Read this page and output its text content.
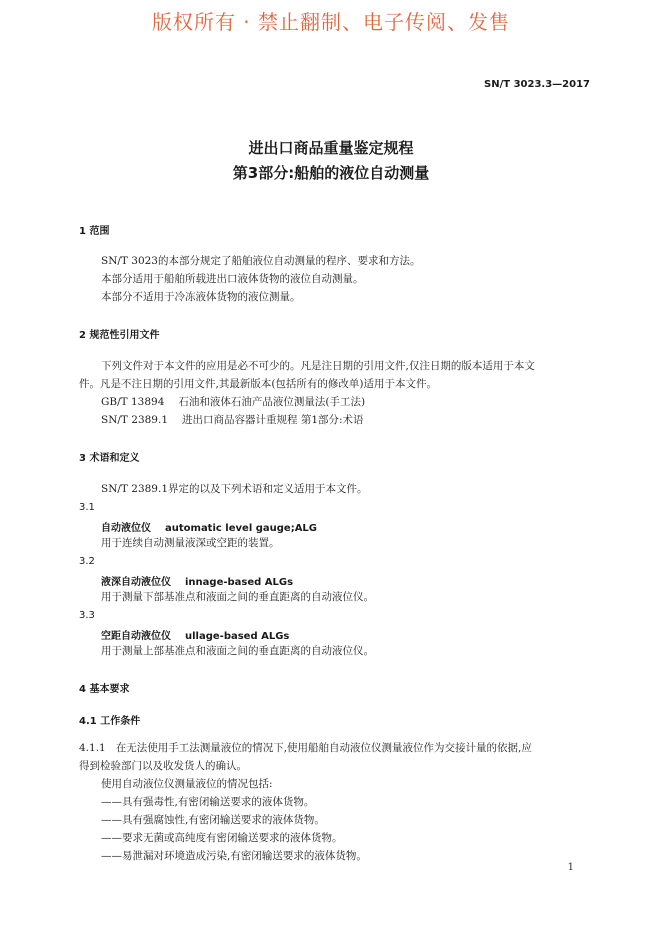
版权所有 · 禁止翻制、电子传阅、发售
SN/T 3023.3—2017
进出口商品重量鉴定规程
第3部分:船舶的液位自动测量
1 范围
SN/T 3023的本部分规定了船舶液位自动测量的程序、要求和方法。
本部分适用于船舶所载进出口液体货物的液位自动测量。
本部分不适用于冷冻液体货物的液位测量。
2 规范性引用文件
下列文件对于本文件的应用是必不可少的。凡是注日期的引用文件,仅注日期的版本适用于本文
件。凡是不注日期的引用文件,其最新版本(包括所有的修改单)适用于本文件。
GB/T 13894 石油和液体石油产品液位测量法(手工法)
SN/T 2389.1 进出口商品容器计重规程 第1部分:术语
3 术语和定义
SN/T 2389.1界定的以及下列术语和定义适用于本文件。
3.1
自动液位仪 automatic level gauge;ALG
用于连续自动测量液深或空距的装置。
3.2
液深自动液位仪 innage-based ALGs
用于测量下部基准点和液面之间的垂直距离的自动液位仪。
3.3
空距自动液位仪 ullage-based ALGs
用于测量上部基准点和液面之间的垂直距离的自动液位仪。
4 基本要求
4.1 工作条件
4.1.1 在无法使用手工法测量液位的情况下,使用船舶自动液位仪测量液位作为交接计量的依据,应
得到检验部门以及收发货人的确认。
使用自动液位仪测量液位的情况包括:
——具有强毒性,有密闭输送要求的液体货物。
——具有强腐蚀性,有密闭输送要求的液体货物。
——要求无菌或高纯度有密闭输送要求的液体货物。
——易泄漏对环境造成污染,有密闭输送要求的液体货物。
1
